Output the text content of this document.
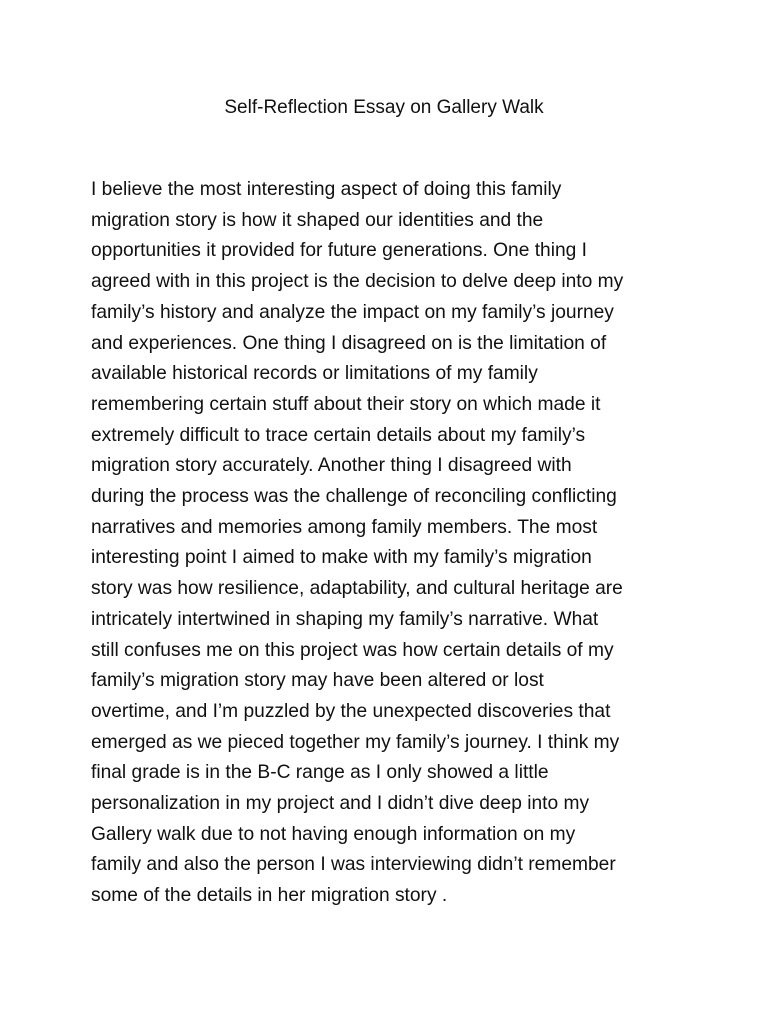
Self-Reflection Essay on Gallery Walk
I believe the most interesting aspect of doing this family
migration story is how it shaped our identities and the
opportunities it provided for future generations. One thing I
agreed with in this project is the decision to delve deep into my
family’s history and analyze the impact on my family’s journey
and experiences. One thing I disagreed on is the limitation of
available historical records or limitations of my family
remembering certain stuff about their story on which made it
extremely difficult to trace certain details about my family’s
migration story accurately. Another thing I disagreed with
during the process was the challenge of reconciling conflicting
narratives and memories among family members. The most
interesting point I aimed to make with my family’s migration
story was how resilience, adaptability, and cultural heritage are
intricately intertwined in shaping my family’s narrative. What
still confuses me on this project was how certain details of my
family’s migration story may have been altered or lost
overtime, and I’m puzzled by the unexpected discoveries that
emerged as we pieced together my family’s journey. I think my
final grade is in the B-C range as I only showed a little
personalization in my project and I didn’t dive deep into my
Gallery walk due to not having enough information on my
family and also the person I was interviewing didn’t remember
some of the details in her migration story .
